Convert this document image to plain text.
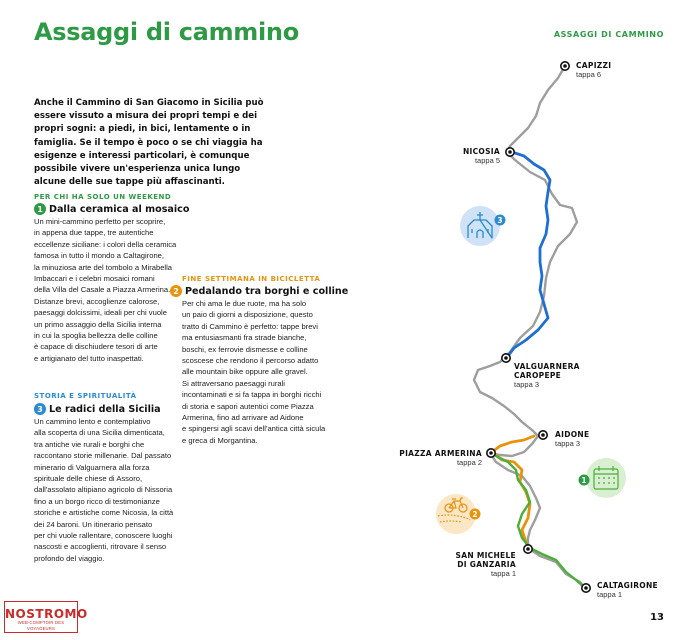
Assaggi di cammino	ASSAGGI DI CAMMINO
Anche il Cammino di San Giacomo in Sicilia può essere vissuto a misura dei propri tempi e dei propri sogni: a piedi, in bici, lentamente o in famiglia. Se il tempo è poco o se chi viaggia ha esigenze e interessi particolari, è comunque possibile vivere un'esperienza unica lungo alcune delle sue tappe più affascinanti.
PER CHI HA SOLO UN WEEKEND
1 Dalla ceramica al mosaico
Un mini-cammino perfetto per scoprire,
in appena due tappe, tre autentiche
eccellenze siciliane: i colori della ceramica
famosa in tutto il mondo a Caltagirone,
la minuziosa arte del tombolo a Mirabella
Imbaccari e i celebri mosaici romani
della Villa del Casale a Piazza Armerina.
Distanze brevi, accoglienze calorose,
paesaggi dolcissimi, ideali per chi vuole
un primo assaggio della Sicilia interna
in cui la spoglia bellezza delle colline
è capace di dischiudere tesori di arte
e artigianato del tutto inaspettati.
STORIA E SPIRITUALITÀ
3 Le radici della Sicilia
Un cammino lento e contemplativo
alla scoperta di una Sicilia dimenticata,
tra antiche vie rurali e borghi che
raccontano storie millenarie. Dal passato
minerario di Valguarnera alla forza
spirituale delle chiese di Assoro,
dall'assolato altipiano agricolo di Nissoria
fino a un borgo ricco di testimonianze
storiche e artistiche come Nicosia, la città
dei 24 baroni. Un itinerario pensato
per chi vuole rallentare, conoscere luoghi
nascosti e accoglienti, ritrovare il senso
profondo del viaggio.
FINE SETTIMANA IN BICICLETTA
2 Pedalando tra borghi e colline
Per chi ama le due ruote, ma ha solo
un paio di giorni a disposizione, questo
tratto di Cammino è perfetto: tappe brevi
ma entusiasmanti fra strade bianche,
boschi, ex ferrovie dismesse e colline
scoscese che rendono il percorso adatto
alle mountain bike oppure alle gravel.
Si attraversano paesaggi rurali
incontaminati e si fa tappa in borghi ricchi
di storia e sapori autentici come Piazza
Armerina, fino ad arrivare ad Aidone
e spingersi agli scavi dell'antica città sicula
e greca di Morgantina.
3
1
2
CAPIZZI
tappa 6
NICOSIA
tappa 5
VALGUARNERA
CAROPEPE
tappa 3
AIDONE
tappa 3
PIAZZA ARMERINA
tappa 2
SAN MICHELE
DI GANZARIA
tappa 1
CALTAGIRONE
tappa 1
NOSTROMO
WEB-COMPTOIR DES VOYAGEURS
13
